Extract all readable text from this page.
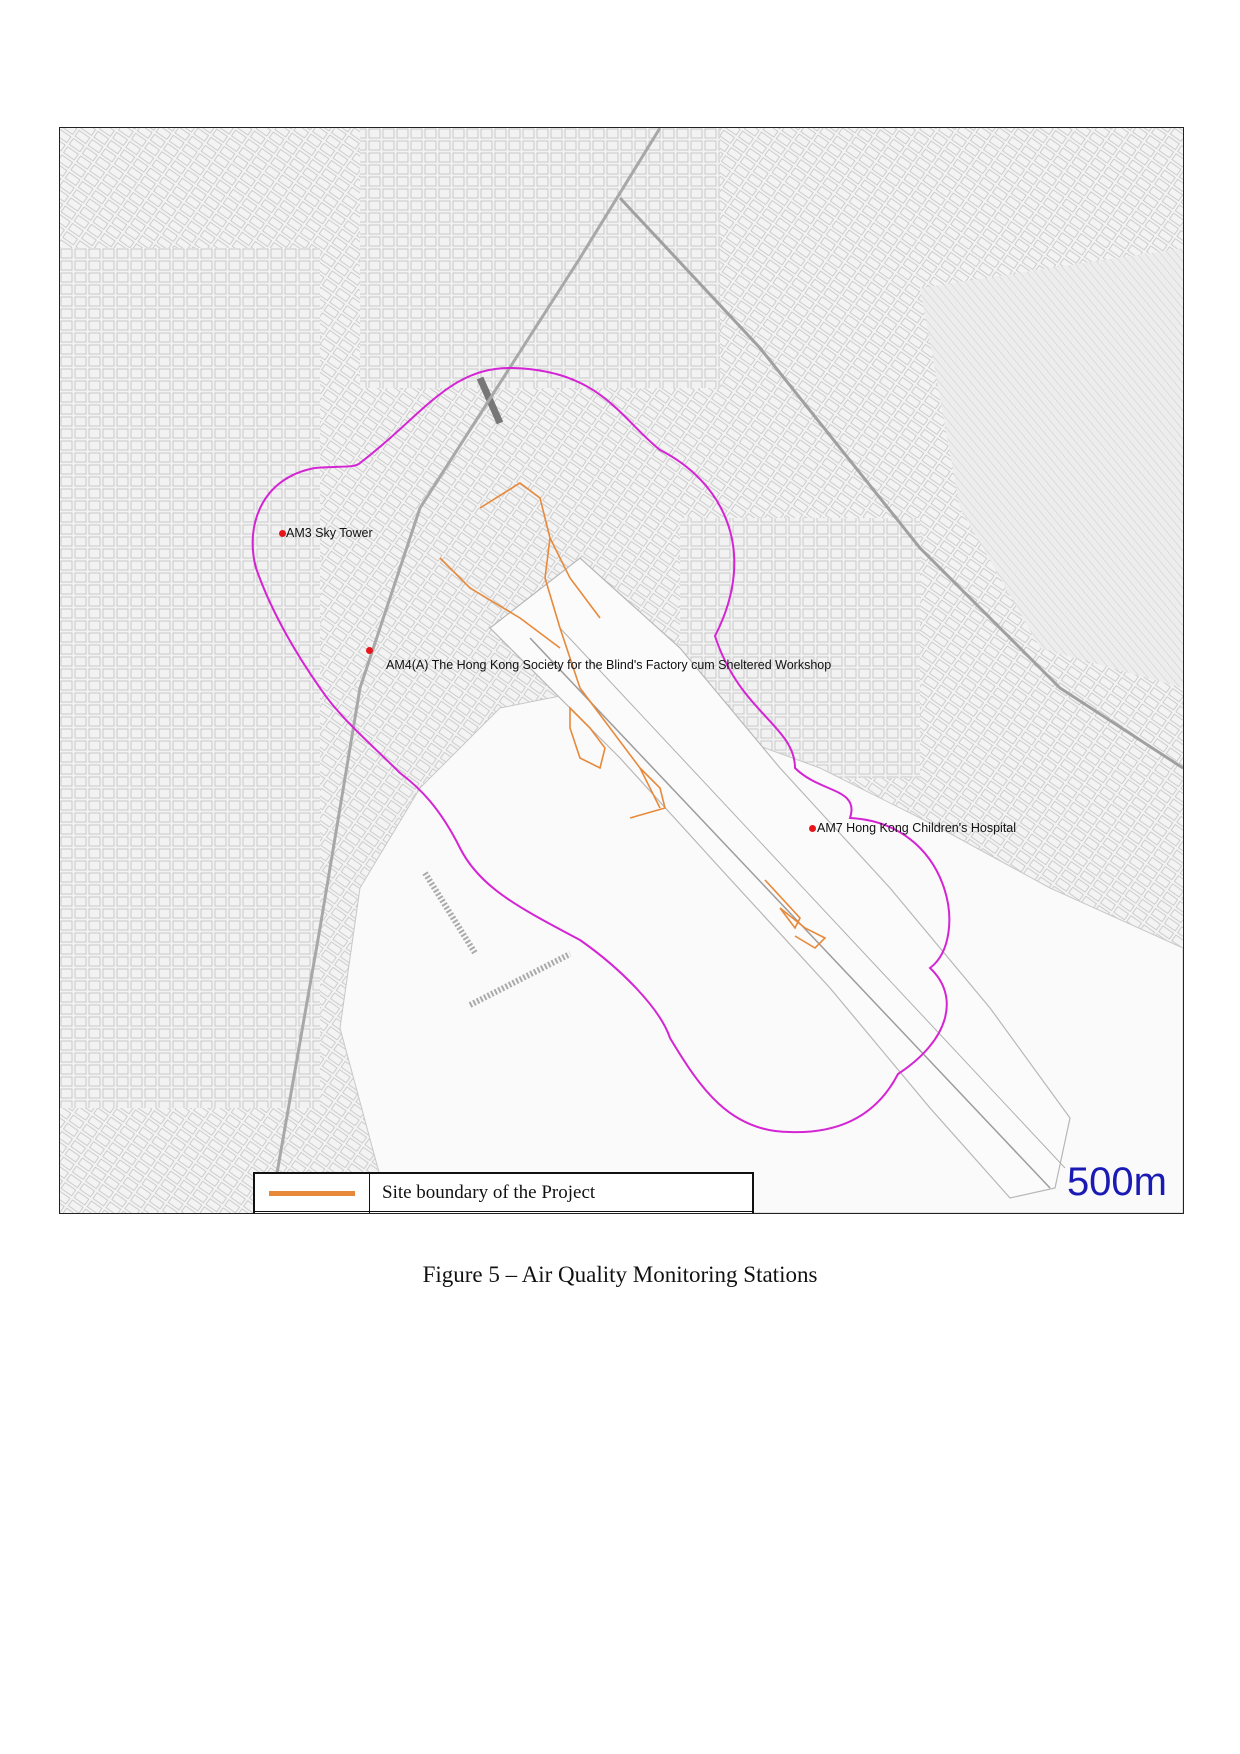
AM3 Sky Tower
AM4(A) The Hong Kong Society for the Blind's Factory cum Sheltered Workshop
AM7 Hong Kong Children's Hospital
	Site boundary of the Project

		500m
Figure 5 – Air Quality Monitoring Stations
